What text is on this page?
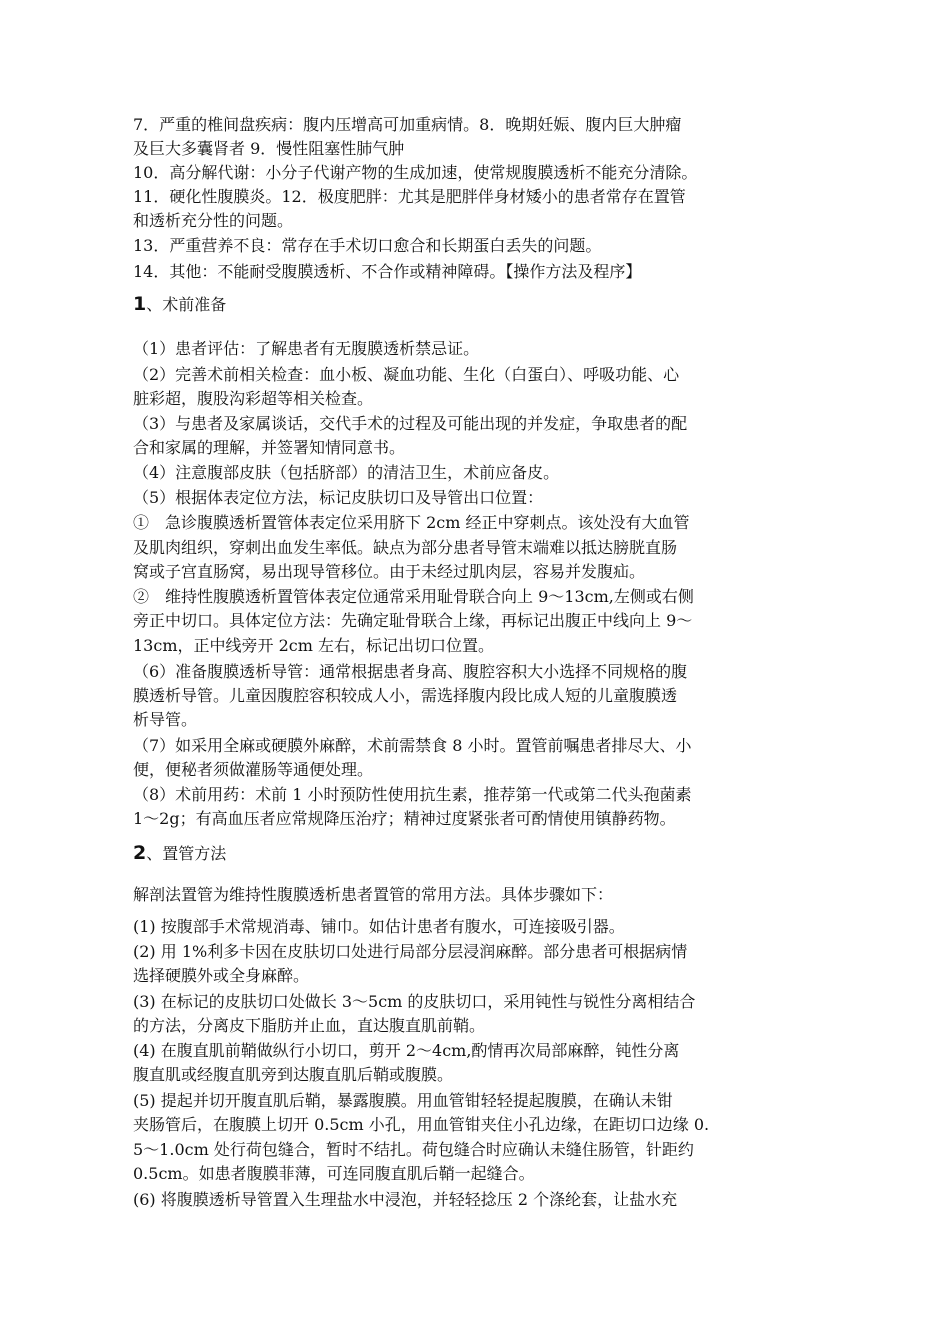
7．严重的椎间盘疾病：腹内压增高可加重病情。8．晚期妊娠、腹内巨大肿瘤
及巨大多囊肾者 9．慢性阻塞性肺气肿
10．高分解代谢：小分子代谢产物的生成加速，使常规腹膜透析不能充分清除。
11．硬化性腹膜炎。12．极度肥胖：尤其是肥胖伴身材矮小的患者常存在置管
和透析充分性的问题。
13．严重营养不良：常存在手术切口愈合和长期蛋白丢失的问题。
14．其他：不能耐受腹膜透析、不合作或精神障碍。【操作方法及程序】
1、术前准备
（1）患者评估：了解患者有无腹膜透析禁忌证。
（2）完善术前相关检查：血小板、凝血功能、生化（白蛋白）、呼吸功能、心
脏彩超，腹股沟彩超等相关检查。
（3）与患者及家属谈话，交代手术的过程及可能出现的并发症，争取患者的配
合和家属的理解，并签署知情同意书。
（4）注意腹部皮肤（包括脐部）的清洁卫生，术前应备皮。
（5）根据体表定位方法，标记皮肤切口及导管出口位置：
①　急诊腹膜透析置管体表定位采用脐下 2cm 经正中穿刺点。该处没有大血管
及肌肉组织，穿刺出血发生率低。缺点为部分患者导管末端难以抵达膀胱直肠
窝或子宫直肠窝，易出现导管移位。由于未经过肌肉层，容易并发腹疝。
②　维持性腹膜透析置管体表定位通常采用耻骨联合向上 9～13cm,左侧或右侧
旁正中切口。具体定位方法：先确定耻骨联合上缘，再标记出腹正中线向上 9～
13cm，正中线旁开 2cm 左右，标记出切口位置。
（6）准备腹膜透析导管：通常根据患者身高、腹腔容积大小选择不同规格的腹
膜透析导管。儿童因腹腔容积较成人小，需选择腹内段比成人短的儿童腹膜透
析导管。
（7）如采用全麻或硬膜外麻醉，术前需禁食 8 小时。置管前嘱患者排尽大、小
便，便秘者须做灌肠等通便处理。
（8）术前用药：术前 1 小时预防性使用抗生素，推荐第一代或第二代头孢菌素
1～2g；有高血压者应常规降压治疗；精神过度紧张者可酌情使用镇静药物。
2、置管方法
解剖法置管为维持性腹膜透析患者置管的常用方法。具体步骤如下：
(1) 按腹部手术常规消毒、铺巾。如估计患者有腹水，可连接吸引器。
(2) 用 1%利多卡因在皮肤切口处进行局部分层浸润麻醉。部分患者可根据病情
选择硬膜外或全身麻醉。
(3) 在标记的皮肤切口处做长 3～5cm 的皮肤切口，采用钝性与锐性分离相结合
的方法，分离皮下脂肪并止血，直达腹直肌前鞘。
(4) 在腹直肌前鞘做纵行小切口，剪开 2～4cm,酌情再次局部麻醉，钝性分离
腹直肌或经腹直肌旁到达腹直肌后鞘或腹膜。
(5) 提起并切开腹直肌后鞘，暴露腹膜。用血管钳轻轻提起腹膜，在确认未钳
夹肠管后，在腹膜上切开 0.5cm 小孔，用血管钳夹住小孔边缘，在距切口边缘 0.
5～1.0cm 处行荷包缝合，暂时不结扎。荷包缝合时应确认未缝住肠管，针距约
0.5cm。如患者腹膜菲薄，可连同腹直肌后鞘一起缝合。
(6) 将腹膜透析导管置入生理盐水中浸泡，并轻轻捻压 2 个涤纶套，让盐水充
